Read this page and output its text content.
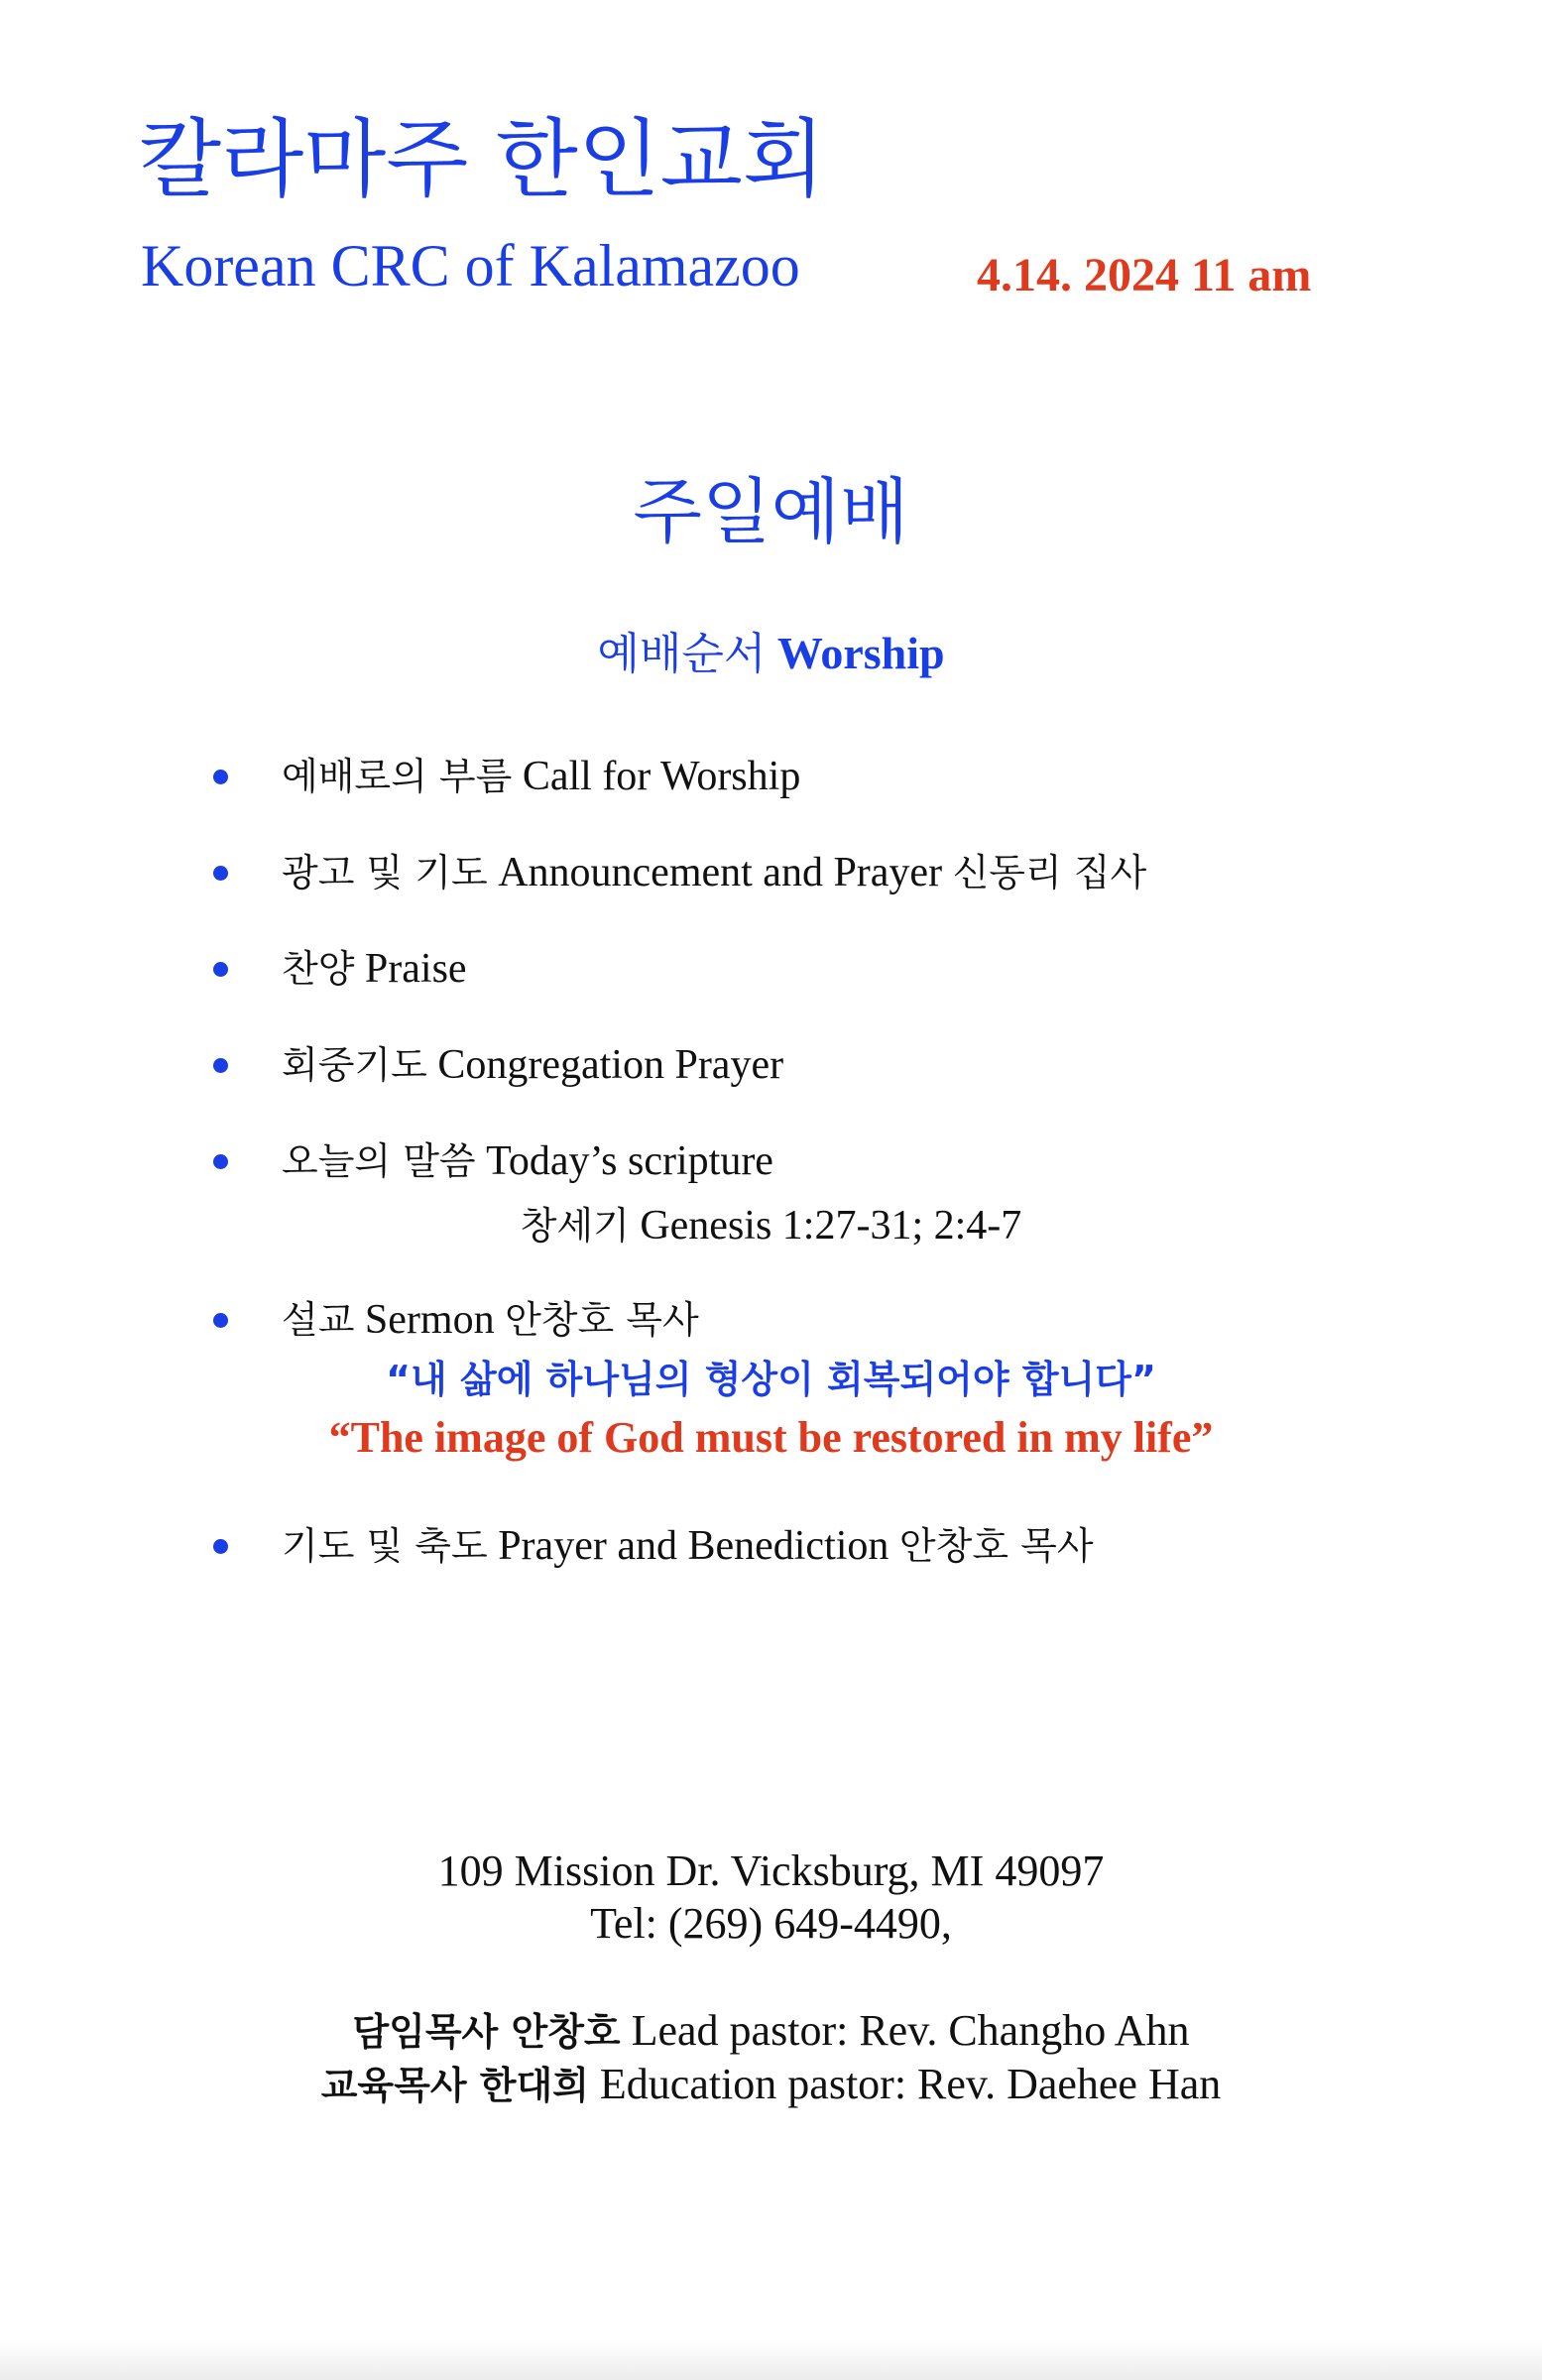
칼라마주 한인교회
Korean CRC of Kalamazoo	4.14. 2024 11 am
주일예배
예배순서 Worship
예배로의 부름 Call for Worship
광고 및 기도 Announcement and Prayer 신동리 집사
찬양 Praise
회중기도 Congregation Prayer
오늘의 말씀 Today’s scripture
창세기 Genesis 1:27-31; 2:4-7
설교 Sermon 안창호 목사
“내 삶에 하나님의 형상이 회복되어야 합니다”
“The image of God must be restored in my life”
기도 및 축도 Prayer and Benediction 안창호 목사
109 Mission Dr. Vicksburg, MI 49097
Tel: (269) 649-4490,
담임목사 안창호 Lead pastor: Rev. Changho Ahn
교육목사 한대희 Education pastor: Rev. Daehee Han
